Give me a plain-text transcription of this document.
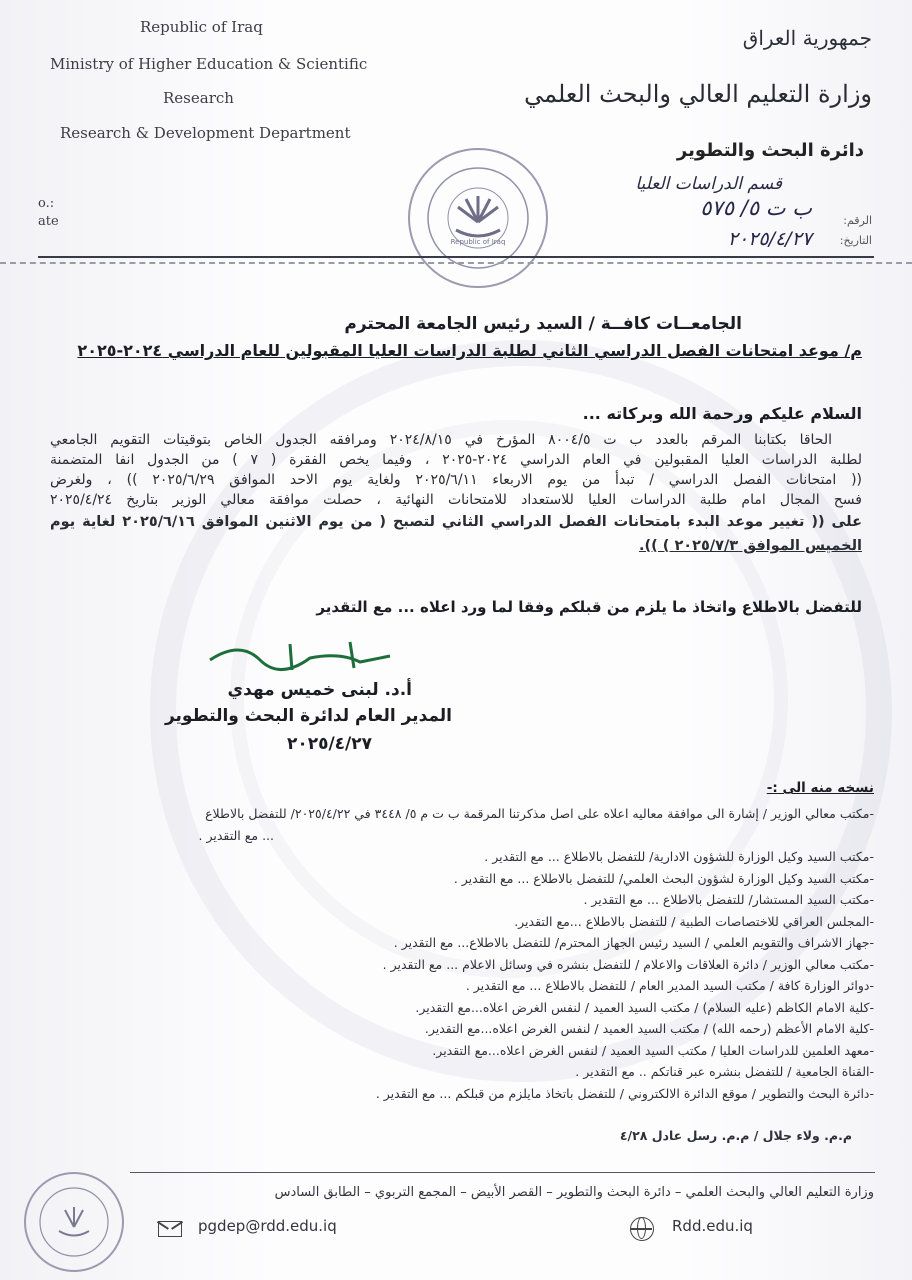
Republic of Iraq
Ministry of Higher Education & Scientific
Research
Research & Development Department
o.:
ate
جمهورية العراق
وزارة التعليم العالي والبحث العلمي
دائرة البحث والتطوير
قسم الدراسات العليا
الرقم:
التاريخ:
ب ت ٥/ ٥٧٥
٢٠٢٥/٤/٢٧
Republic of Iraq
الجامعــات كافــة / السيد رئيس الجامعة المحترم
م/ موعد امتحانات الفصل الدراسي الثاني لطلبة الدراسات العليا المقبولين للعام الدراسي ٢٠٢٤-٢٠٢٥
السلام عليكم ورحمة الله وبركاته ...
الحاقا بكتابنا المرقم بالعدد ب ت ٨٠٠٤/٥ المؤرخ في ٢٠٢٤/٨/١٥ ومرافقه الجدول الخاص بتوقيتات التقويم الجامعي
لطلبة الدراسات العليا المقبولين في العام الدراسي ٢٠٢٤-٢٠٢٥ ، وفيما يخص الفقرة ( ٧ ) من الجدول انفا المتضمنة
(( امتحانات الفصل الدراسي / تبدأ من يوم الاربعاء ٢٠٢٥/٦/١١ ولغاية يوم الاحد الموافق ٢٠٢٥/٦/٢٩ )) ، ولغرض
فسح المجال امام طلبة الدراسات العليا للاستعداد للامتحانات النهائية ، حصلت موافقة معالي الوزير بتاريخ ٢٠٢٥/٤/٢٤
على (( تغيير موعد البدء بامتحانات الفصل الدراسي الثاني لتصبح ( من يوم الاثنين الموافق ٢٠٢٥/٦/١٦ لغاية يوم
الخميس الموافق ٢٠٢٥/٧/٣ ) )).
للتفضل بالاطلاع واتخاذ ما يلزم من قبلكم وفقا لما ورد اعلاه ... مع التقدير
أ.د. لبنى خميس مهدي
المدير العام لدائرة البحث والتطوير
٢٠٢٥/٤/٢٧
نسخه منه الى :-
-مكتب معالي الوزير / إشارة الى موافقة معاليه اعلاه على اصل مذكرتنا المرقمة ب ت م ٥/ ٣٤٤٨ في ٢٠٢٥/٤/٢٢/ للتفضل بالاطلاع
... مع التقدير .
-مكتب السيد وكيل الوزارة للشؤون الادارية/ للتفضل بالاطلاع ... مع التقدير .
-مكتب السيد وكيل الوزارة لشؤون البحث العلمي/ للتفضل بالاطلاع ... مع التقدير .
-مكتب السيد المستشار/ للتفضل بالاطلاع ... مع التقدير .
-المجلس العراقي للاختصاصات الطبية / للتفضل بالاطلاع ...مع التقدير.
-جهاز الاشراف والتقويم العلمي / السيد رئيس الجهاز المحترم/ للتفضل بالاطلاع... مع التقدير .
-مكتب معالي الوزير / دائرة العلاقات والاعلام / للتفضل بنشره في وسائل الاعلام ... مع التقدير .
-دوائر الوزارة كافة / مكتب السيد المدير العام / للتفضل بالاطلاع ... مع التقدير .
-كلية الامام الكاظم (عليه السلام) / مكتب السيد العميد / لنفس الغرض اعلاه...مع التقدير.
-كلية الامام الأعظم (رحمه الله) / مكتب السيد العميد / لنفس الغرض اعلاه...مع التقدير.
-معهد العلمين للدراسات العليا / مكتب السيد العميد / لنفس الغرض اعلاه...مع التقدير.
-القناة الجامعية / للتفضل بنشره عبر قناتكم .. مع التقدير .
-دائرة البحث والتطوير / موقع الدائرة الالكتروني / للتفضل باتخاذ مايلزم من قبلكم ... مع التقدير .
م.م. ولاء جلال / م.م. رسل عادل ٤/٢٨
وزارة التعليم العالي والبحث العلمي – دائرة البحث والتطوير – القصر الأبيض – المجمع التربوي – الطابق السادس
pgdep@rdd.edu.iq	Rdd.edu.iq
